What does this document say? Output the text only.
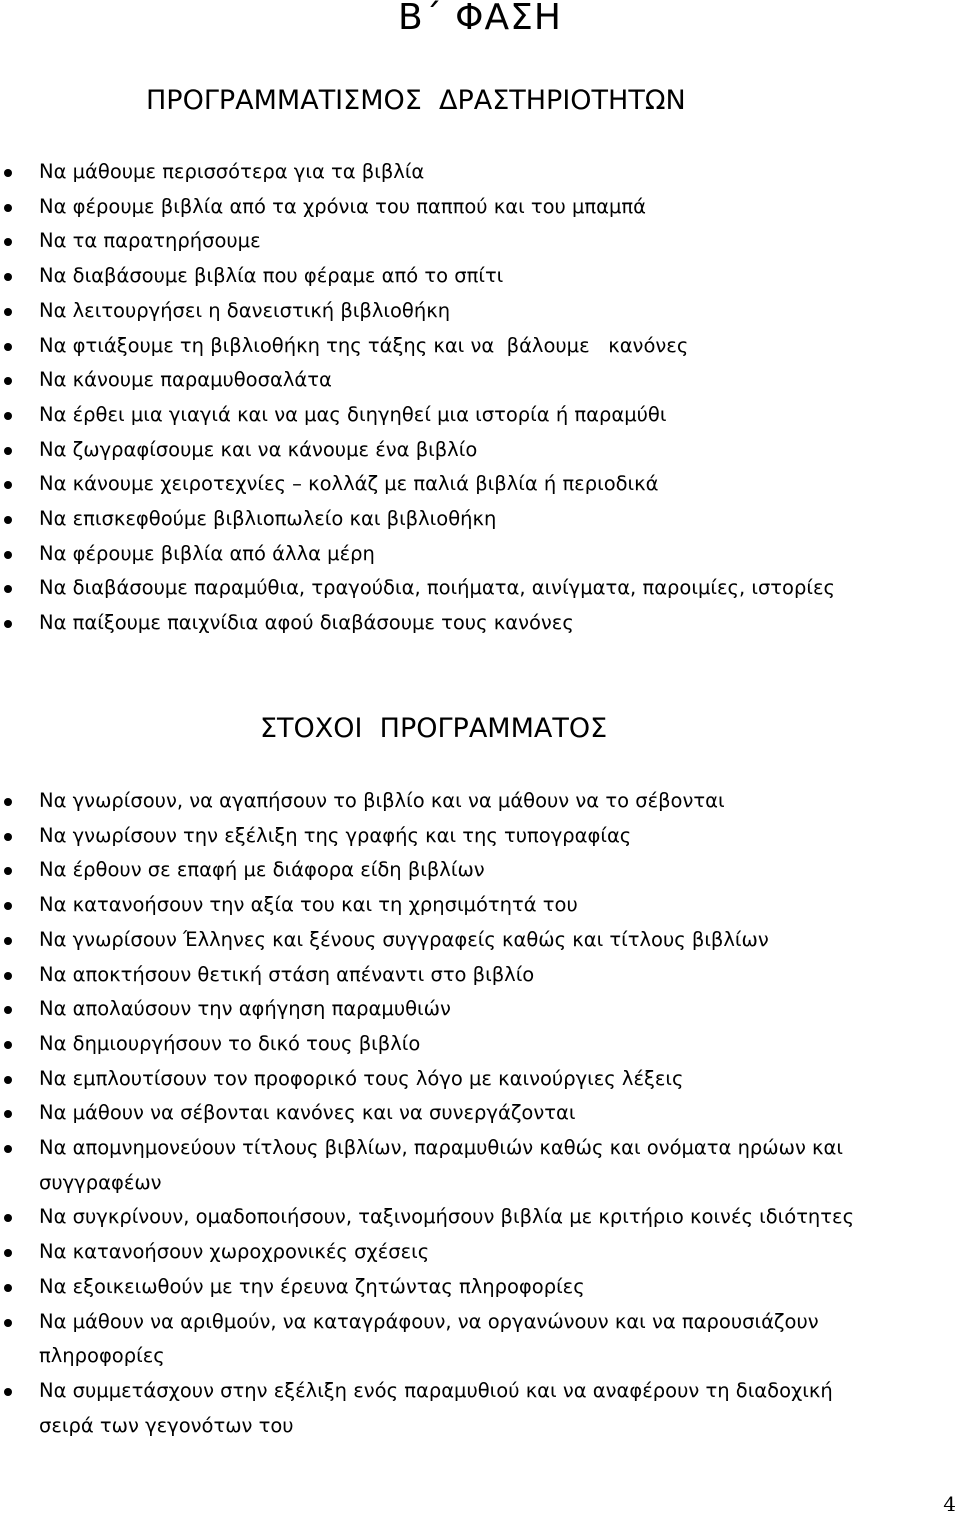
Β΄ ΦΑΣΗ
ΠΡΟΓΡΑΜΜΑΤΙΣΜΟΣ  ΔΡΑΣΤΗΡΙΟΤΗΤΩΝ
Να μάθουμε περισσότερα για τα βιβλία
Να φέρουμε βιβλία από τα χρόνια του παππού και του μπαμπά
Να τα παρατηρήσουμε
Να διαβάσουμε βιβλία που φέραμε από το σπίτι
Να λειτουργήσει η δανειστική βιβλιοθήκη
Να φτιάξουμε τη βιβλιοθήκη της τάξης και να  βάλουμε   κανόνες
Να κάνουμε παραμυθοσαλάτα
Να έρθει μια γιαγιά και να μας διηγηθεί μια ιστορία ή παραμύθι
Να ζωγραφίσουμε και να κάνουμε ένα βιβλίο
Να κάνουμε χειροτεχνίες – κολλάζ με παλιά βιβλία ή περιοδικά
Να επισκεφθούμε βιβλιοπωλείο και βιβλιοθήκη
Να φέρουμε βιβλία από άλλα μέρη
Να διαβάσουμε παραμύθια, τραγούδια, ποιήματα, αινίγματα, παροιμίες, ιστορίες
Να παίξουμε παιχνίδια αφού διαβάσουμε τους κανόνες
ΣΤΟΧΟΙ  ΠΡΟΓΡΑΜΜΑΤΟΣ
Να γνωρίσουν, να αγαπήσουν το βιβλίο και να μάθουν να το σέβονται
Να γνωρίσουν την εξέλιξη της γραφής και της τυπογραφίας
Να έρθουν σε επαφή με διάφορα είδη βιβλίων
Να κατανοήσουν την αξία του και τη χρησιμότητά του
Να γνωρίσουν Έλληνες και ξένους συγγραφείς καθώς και τίτλους βιβλίων
Να αποκτήσουν θετική στάση απέναντι στο βιβλίο
Να απολαύσουν την αφήγηση παραμυθιών
Να δημιουργήσουν το δικό τους βιβλίο
Να εμπλουτίσουν τον προφορικό τους λόγο με καινούργιες λέξεις
Να μάθουν να σέβονται κανόνες και να συνεργάζονται
Να απομνημονεύουν τίτλους βιβλίων, παραμυθιών καθώς και ονόματα ηρώων και
συγγραφέων
Να συγκρίνουν, ομαδοποιήσουν, ταξινομήσουν βιβλία με κριτήριο κοινές ιδιότητες
Να κατανοήσουν χωροχρονικές σχέσεις
Να εξοικειωθούν με την έρευνα ζητώντας πληροφορίες
Να μάθουν να αριθμούν, να καταγράφουν, να οργανώνουν και να παρουσιάζουν
πληροφορίες
Να συμμετάσχουν στην εξέλιξη ενός παραμυθιού και να αναφέρουν τη διαδοχική
σειρά των γεγονότων του
4
